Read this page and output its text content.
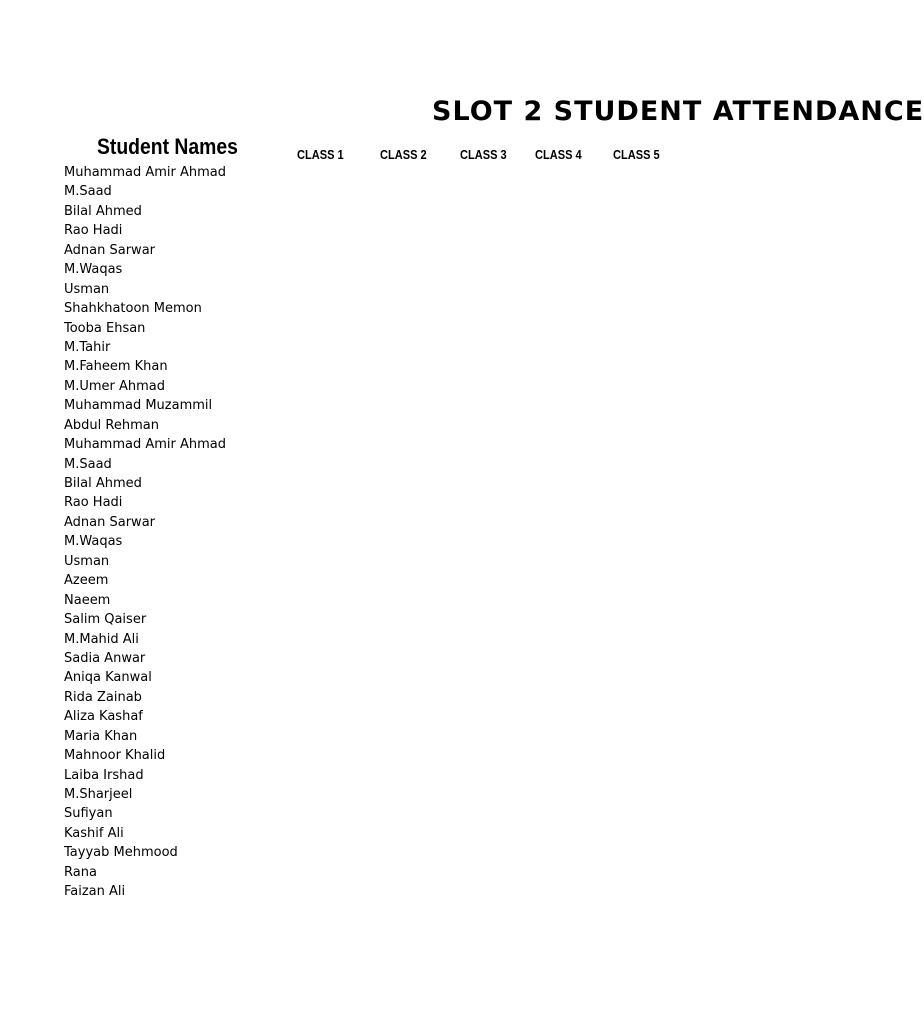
SLOT 2 STUDENT ATTENDANCE
Student Names	CLASS 1	CLASS 2	CLASS 3 CLASS 4 CLASS 5
Muhammad Amir Ahmad
M.Saad
Bilal Ahmed
Rao Hadi
Adnan Sarwar
M.Waqas
Usman
Shahkhatoon Memon
Tooba Ehsan
M.Tahir
M.Faheem Khan
M.Umer Ahmad
Muhammad Muzammil
Abdul Rehman
Muhammad Amir Ahmad
M.Saad
Bilal Ahmed
Rao Hadi
Adnan Sarwar
M.Waqas
Usman
Azeem
Naeem
Salim Qaiser
M.Mahid Ali
Sadia Anwar
Aniqa Kanwal
Rida Zainab
Aliza Kashaf
Maria Khan
Mahnoor Khalid
Laiba Irshad
M.Sharjeel
Sufiyan
Kashif Ali
Tayyab Mehmood
Rana
Faizan Ali
